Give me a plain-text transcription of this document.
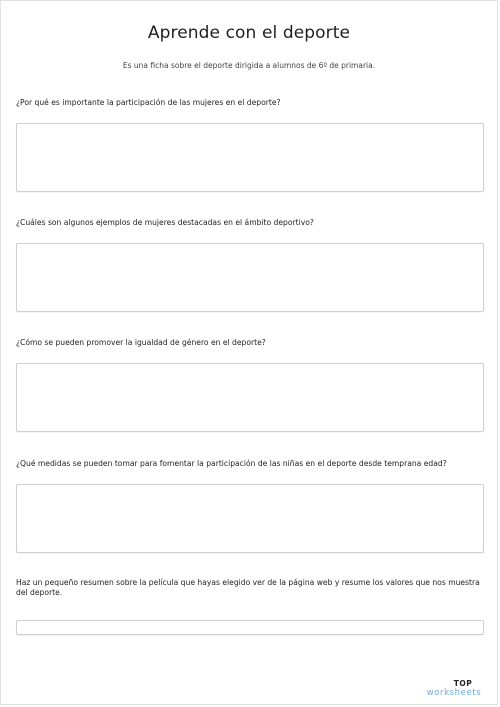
Aprende con el deporte

Es una ficha sobre el deporte dirigida a alumnos de 6º de primaria.

¿Por qué es importante la participación de las mujeres en el deporte?

¿Cuáles son algunos ejemplos de mujeres destacadas en el ámbito deportivo?

¿Cómo se pueden promover la igualdad de género en el deporte?

¿Qué medidas se pueden tomar para fomentar la participación de las niñas en el deporte desde temprana edad?

Haz un pequeño resumen sobre la película que hayas elegido ver de la página web y resume los valores que nos muestra del deporte.

TOP
worksheets
